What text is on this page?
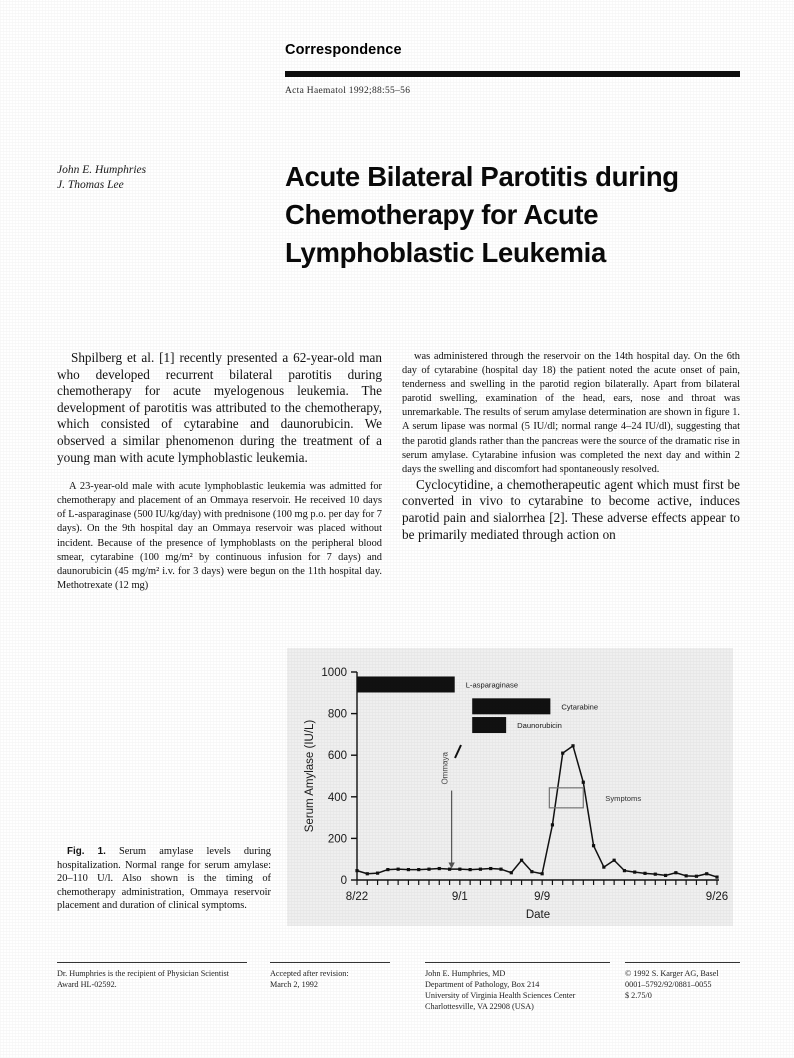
Correspondence
Acta Haematol 1992;88:55–56
John E. Humphries
J. Thomas Lee	Acute Bilateral Parotitis during Chemotherapy for Acute Lymphoblastic Leukemia

Shpilberg et al. [1] recently presented a 62-year-old man who developed recurrent bilateral parotitis during chemotherapy for acute myelogenous leukemia. The development of parotitis was attributed to the chemotherapy, which consisted of cytarabine and daunorubicin. We observed a similar phenomenon during the treatment of a young man with acute lymphoblastic leukemia.

A 23-year-old male with acute lymphoblastic leukemia was admitted for chemotherapy and placement of an Ommaya reservoir. He received 10 days of L-asparaginase (500 IU/kg/day) with prednisone (100 mg p.o. per day for 7 days). On the 9th hospital day an Ommaya reservoir was placed without incident. Because of the presence of lymphoblasts on the peripheral blood smear, cytarabine (100 mg/m² by continuous infusion for 7 days) and daunorubicin (45 mg/m² i.v. for 3 days) were begun on the 11th hospital day. Methotrexate (12 mg)

was administered through the reservoir on the 14th hospital day. On the 6th day of cytarabine (hospital day 18) the patient noted the acute onset of pain, tenderness and swelling in the parotid region bilaterally. Apart from bilateral parotid swelling, examination of the head, ears, nose and throat was unremarkable. The results of serum amylase determination are shown in figure 1. A serum lipase was normal (5 IU/dl; normal range 4–24 IU/dl), suggesting that the parotid glands rather than the pancreas were the source of the dramatic rise in serum amylase. Cytarabine infusion was completed the next day and within 2 days the swelling and discomfort had spontaneously resolved.

Cyclocytidine, a chemotherapeutic agent which must first be converted in vivo to cytarabine to become active, induces parotid pain and sialorrhea [2]. These adverse effects appear to be primarily mediated through action on

0
200
400
600
800
1000
8/22	9/1	9/9	9/26
L-asparaginase
Cytarabine
Daunorubicin
Ommaya
Symptoms
Serum Amylase (IU/L)
Date
Fig. 1. Serum amylase levels during hospitalization. Normal range for serum amylase: 20–110 U/l. Also shown is the timing of chemotherapy administration, Ommaya reservoir placement and duration of clinical symptoms.
Dr. Humphries is the recipient of Physician Scientist
Award HL-02592.
Accepted after revision:
March 2, 1992
John E. Humphries, MD
Department of Pathology, Box 214
University of Virginia Health Sciences Center
Charlottesville, VA 22908 (USA)
© 1992 S. Karger AG, Basel
0001–5792/92/0881–0055
$ 2.75/0
